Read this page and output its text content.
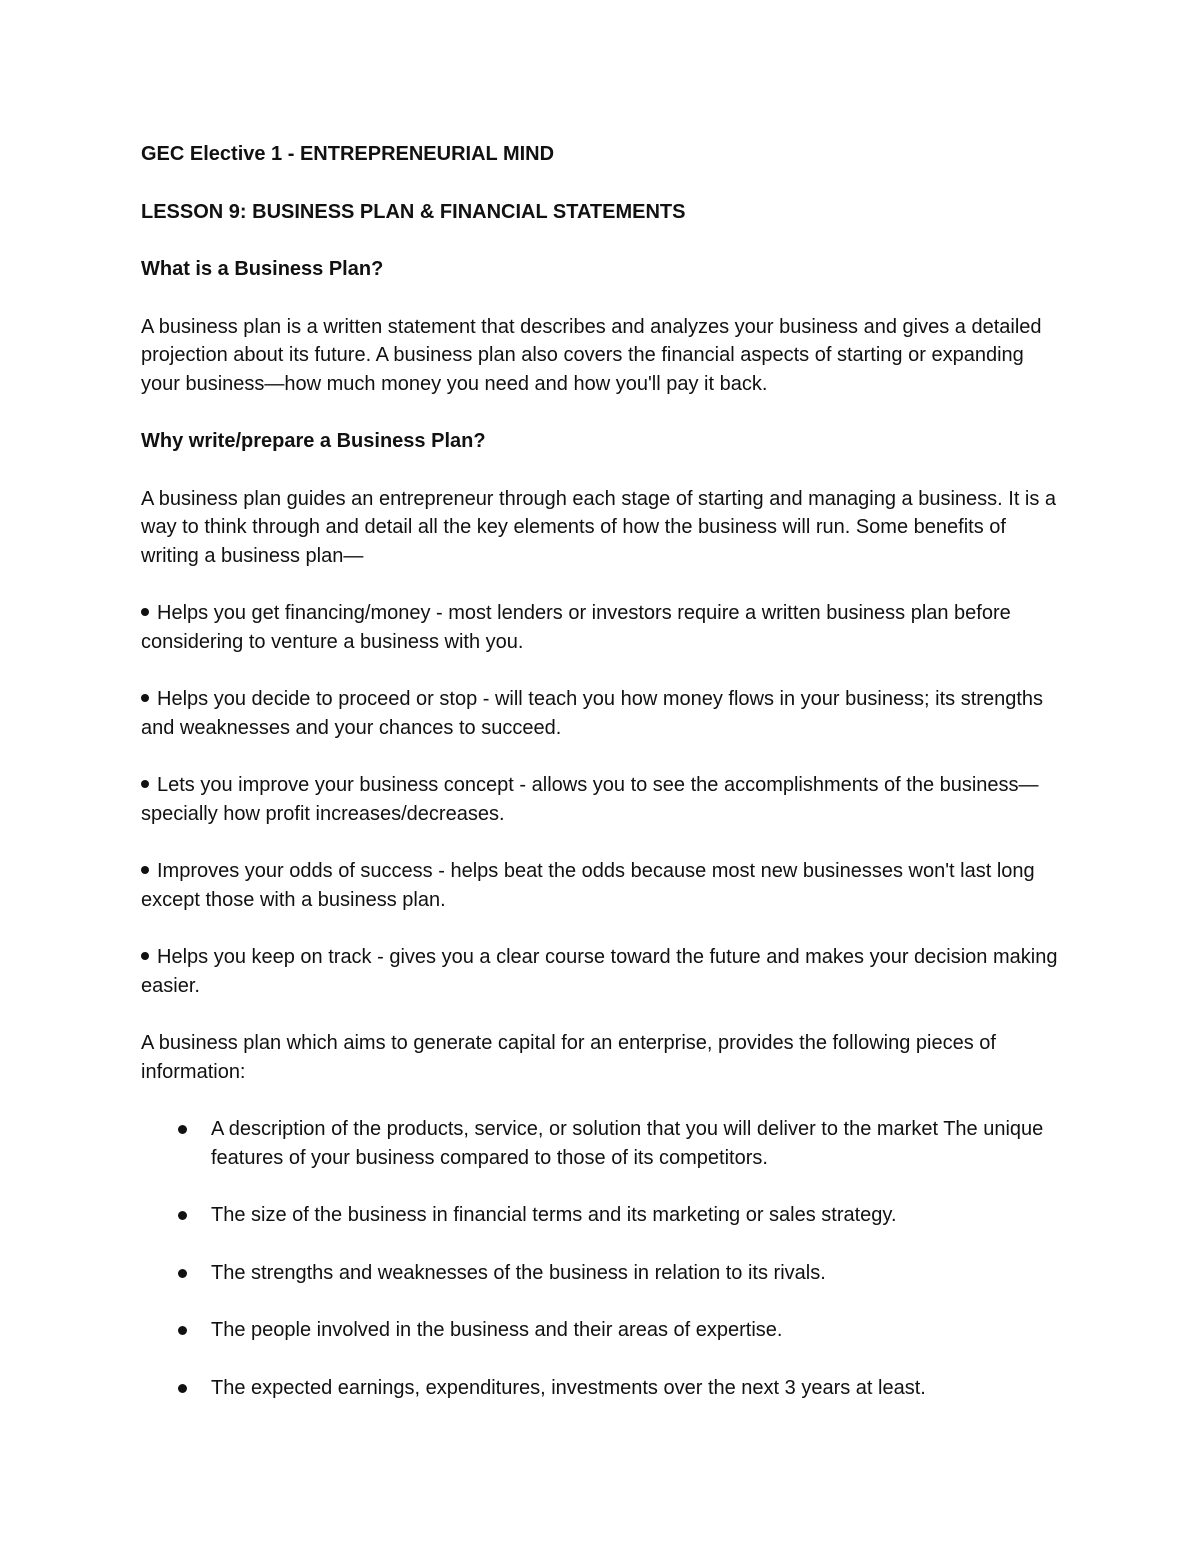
GEC Elective 1 - ENTREPRENEURIAL MIND
LESSON 9: BUSINESS PLAN & FINANCIAL STATEMENTS
What is a Business Plan?

A business plan is a written statement that describes and analyzes your business and gives a detailed projection about its future. A business plan also covers the financial aspects of starting or expanding your business—how much money you need and how you'll pay it back.

Why write/prepare a Business Plan?

A business plan guides an entrepreneur through each stage of starting and managing a business. It is a way to think through and detail all the key elements of how the business will run. Some benefits of writing a business plan—

Helps you get financing/money - most lenders or investors require a written business plan before considering to venture a business with you.

Helps you decide to proceed or stop - will teach you how money flows in your business; its strengths and weaknesses and your chances to succeed.

Lets you improve your business concept - allows you to see the accomplishments of the business—specially how profit increases/decreases.

Improves your odds of success - helps beat the odds because most new businesses won't last long except those with a business plan.

Helps you keep on track - gives you a clear course toward the future and makes your decision making easier.

A business plan which aims to generate capital for an enterprise, provides the following pieces of information:

A description of the products, service, or solution that you will deliver to the market The unique features of your business compared to those of its competitors.
The size of the business in financial terms and its marketing or sales strategy.
The strengths and weaknesses of the business in relation to its rivals.
The people involved in the business and their areas of expertise.
The expected earnings, expenditures, investments over the next 3 years at least.
